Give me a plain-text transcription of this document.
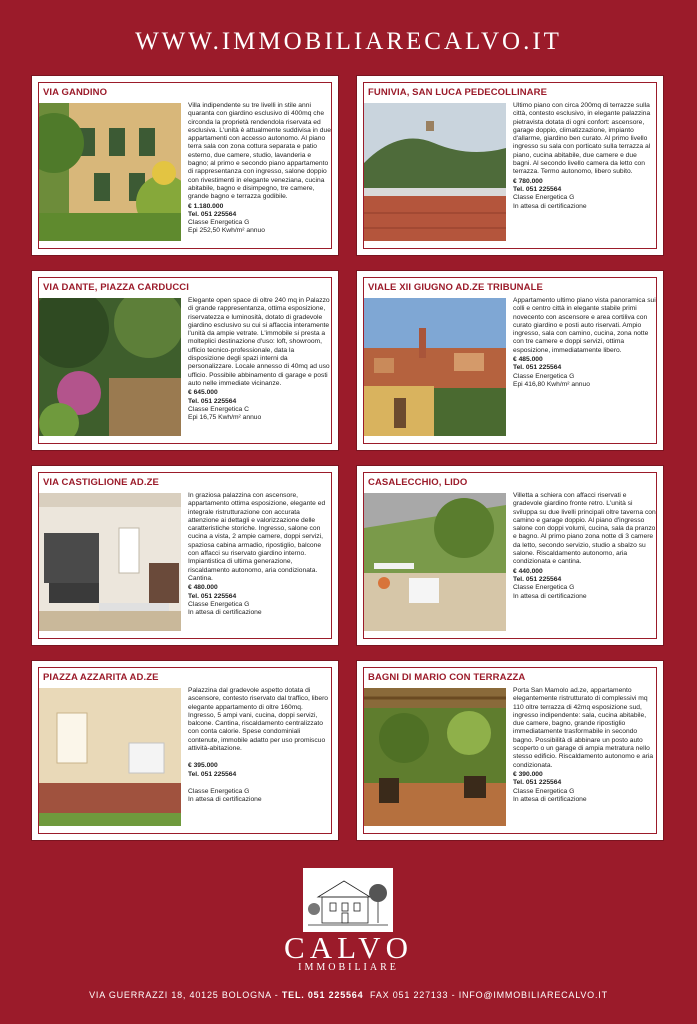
WWW.IMMOBILIARECALVO.IT
VIA GANDINO
Villa indipendente su tre livelli in stile anni quaranta con giardino esclusivo di 400mq che circonda la proprietà rendendola riservata ed esclusiva. L'unità è attualmente suddivisa in due appartamenti con accesso autonomo. Al piano terra sala con zona cottura separata e patio esterno, due camere, studio, lavanderia e bagno; al primo e secondo piano appartamento di rappresentanza con ingresso, salone doppio con rivestimenti in elegante veneziana, cucina abitabile, bagno e disimpegno, tre camere, grande bagno e terrazza godibile.
€ 1.180.000
Tel. 051 225564
Classe Energetica G
Epi 252,50 Kwh/m² annuo
FUNIVIA, SAN LUCA PEDECOLLINARE
Ultimo piano con circa 200mq di terrazze sulla città, contesto esclusivo, in elegante palazzina pietravista dotata di ogni confort: ascensore, garage doppio, climatizzazione, impianto d'allarme, giardino ben curato. Al primo livello ingresso su sala con porticato sulla terrazza al piano, cucina abitabile, due camere e due bagni. Al secondo livello camera da letto con terrazza. Termo autonomo, libero subito.
€ 780.000
Tel. 051 225564
Classe Energetica G
In attesa di certificazione
VIA DANTE, PIAZZA CARDUCCI
Elegante open space di oltre 240 mq in Palazzo di grande rappresentanza, ottima esposizione, riservatezza e luminosità, dotato di gradevole giardino esclusivo su cui si affaccia interamente l'unità da ampie vetrate. L'immobile si presta a molteplici destinazione d'uso: loft, showroom, ufficio tecnico-professionale, data la disposizione degli spazi interni da personalizzare. Locale annesso di 40mq ad uso ufficio. Possibile abbinamento di garage e posti auto nelle immediate vicinanze.
€ 645.000
Tel. 051 225564
Classe Energetica C
Epi 16,75 Kwh/m² annuo
VIALE XII GIUGNO AD.ZE TRIBUNALE
Appartamento ultimo piano vista panoramica sui colli e centro città in elegante stabile primi novecento con ascensore e area cortiliva con curato giardino e posti auto riservati. Ampio ingresso, sala con camino, cucina, zona notte con tre camere e doppi servizi, ottima esposizione, immediatamente libero.
€ 485.000
Tel. 051 225564
Classe Energetica G
Epi 416,80 Kwh/m² annuo
VIA CASTIGLIONE AD.ZE
In graziosa palazzina con ascensore, appartamento ottima esposizione, elegante ed integrale ristrutturazione con accurata attenzione ai dettagli e valorizzazione delle caratteristiche storiche. Ingresso, salone con cucina a vista, 2 ampie camere, doppi servizi, spaziosa cabina armadio, ripostiglio, balcone con affacci su riservato giardino interno. Impiantistica di ultima generazione, riscaldamento autonomo, aria condizionata. Cantina.
€ 480.000
Tel. 051 225564
Classe Energetica G
In attesa di certificazione
CASALECCHIO, LIDO
Villetta a schiera con affacci riservati e gradevole giardino fronte retro. L'unità si sviluppa su due livelli principali oltre taverna con camino e garage doppio. Al piano d'ingresso salone con doppi volumi, cucina, sala da pranzo e bagno. Al primo piano zona notte di 3 camere da letto, secondo servizio, studio a sbalzo su salone. Riscaldamento autonomo, aria condizionata e cantina.
€ 440.000
Tel. 051 225564
Classe Energetica G
In attesa di certificazione
PIAZZA AZZARITA AD.ZE
Palazzina dal gradevole aspetto dotata di ascensore, contesto riservato dal traffico, libero elegante appartamento di oltre 160mq. Ingresso, 5 ampi vani, cucina, doppi servizi, balcone. Cantina, riscaldamento centralizzato con conta calorie. Spese condominiali contenute, immobile adatto per uso promiscuo attività-abitazione.
€ 395.000
Tel. 051 225564
Classe Energetica G
In attesa di certificazione
BAGNI DI MARIO CON TERRAZZA
Porta San Mamolo ad.ze, appartamento elegantemente ristrutturato di complessivi mq 110 oltre terrazza di 42mq esposizione sud, ingresso indipendente: sala, cucina abitabile, due camere, bagno, grande ripostiglio immediatamente trasformabile in secondo bagno. Possibilità di abbinare un posto auto scoperto o un garage di ampia metratura nello stesso edificio. Riscaldamento autonomo e aria condizionata.
€ 390.000
Tel. 051 225564
Classe Energetica G
In attesa di certificazione
CALVO
IMMOBILIARE
VIA GUERRAZZI 18, 40125 BOLOGNA - TEL. 051 225564  FAX 051 227133 - INFO@IMMOBILIARECALVO.IT
